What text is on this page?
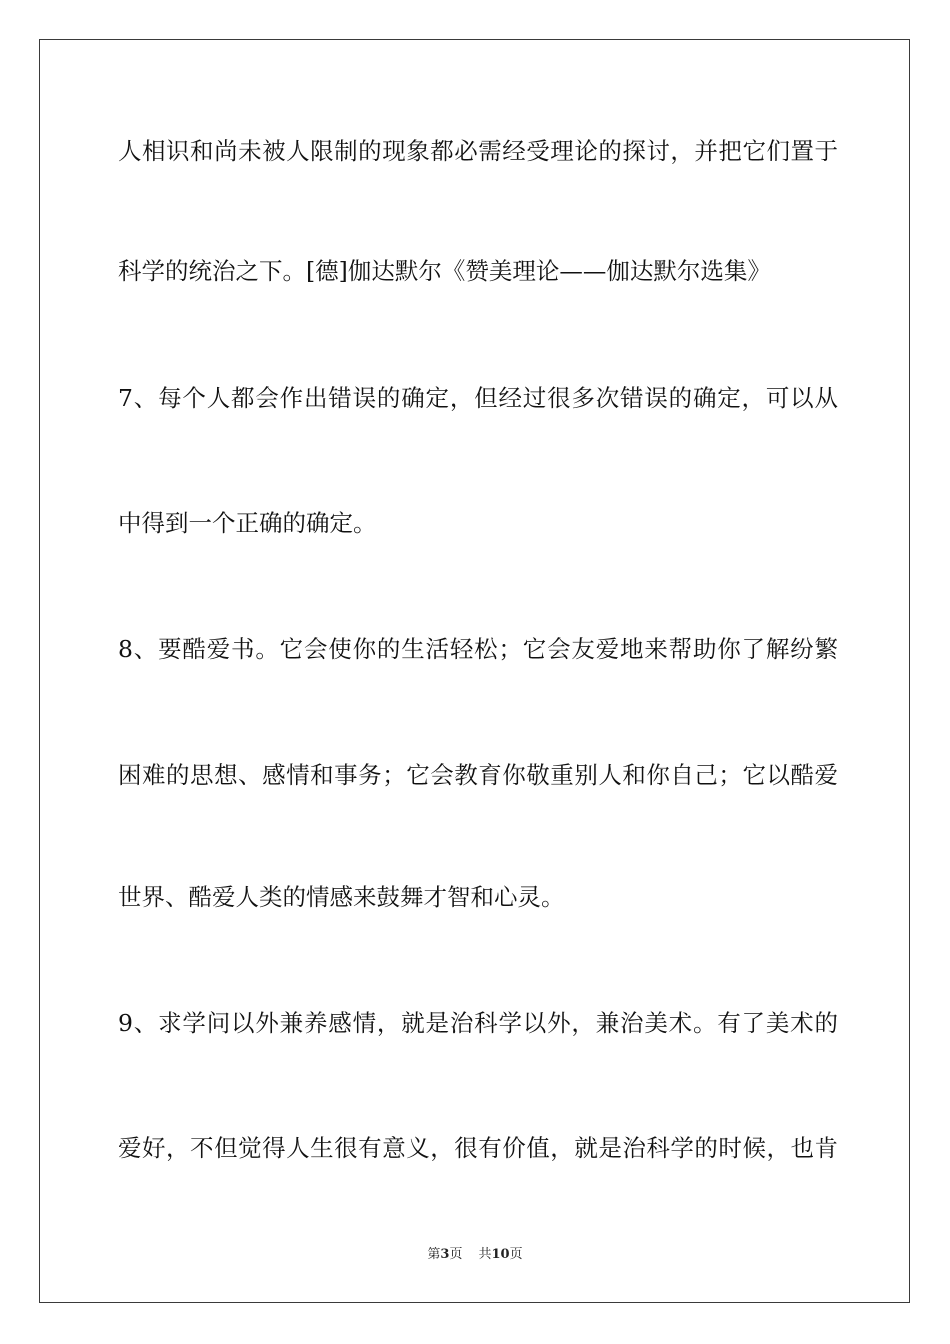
人相识和尚未被人限制的现象都必需经受理论的探讨，并把它们置于
科学的统治之下。[德]伽达默尔《赞美理论——伽达默尔选集》
7、每个人都会作出错误的确定，但经过很多次错误的确定，可以从
中得到一个正确的确定。
8、要酷爱书。它会使你的生活轻松；它会友爱地来帮助你了解纷繁
困难的思想、感情和事务；它会教育你敬重别人和你自己；它以酷爱
世界、酷爱人类的情感来鼓舞才智和心灵。
9、求学问以外兼养感情，就是治科学以外，兼治美术。有了美术的
爱好，不但觉得人生很有意义，很有价值，就是治科学的时候，也肯
第3页 共10页
